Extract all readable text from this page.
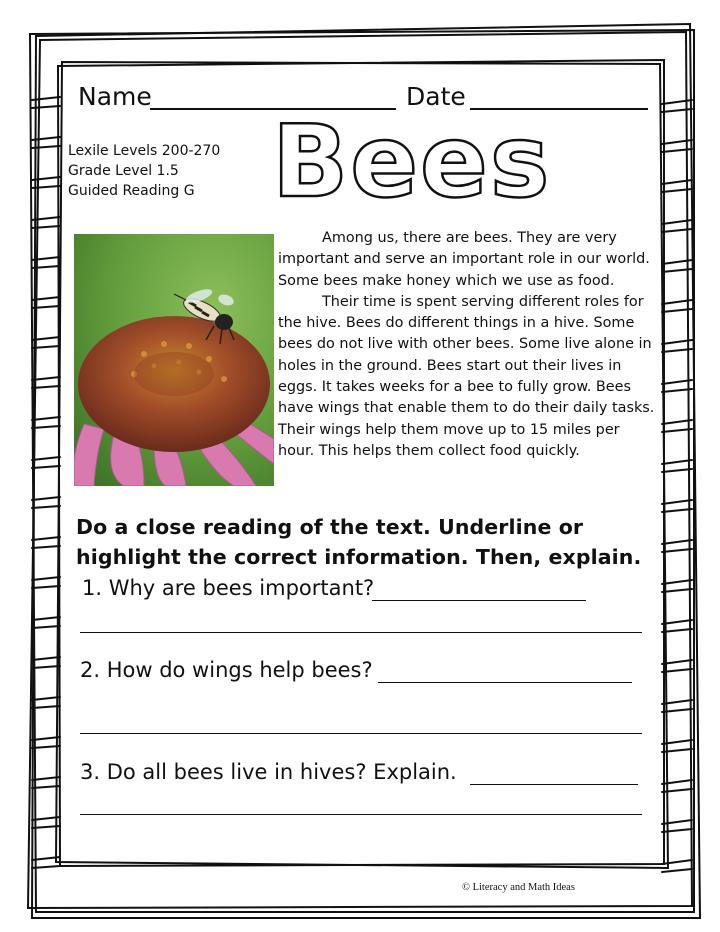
Name	Date
Lexile Levels 200-270
Grade Level 1.5
Guided Reading G Bees

Among us, there are bees. They are very important and serve an important role in our world. Some bees make honey which we use as food.

Their time is spent serving different roles for the hive. Bees do different things in a hive. Some bees do not live with other bees. Some live alone in holes in the ground. Bees start out their lives in eggs. It takes weeks for a bee to fully grow. Bees have wings that enable them to do their daily tasks. Their wings help them move up to 15 miles per hour. This helps them collect food quickly.

Do a close reading of the text. Underline or highlight the correct information. Then, explain.
1. Why are bees important?
2. How do wings help bees?
3. Do all bees live in hives? Explain.
© Literacy and Math Ideas
